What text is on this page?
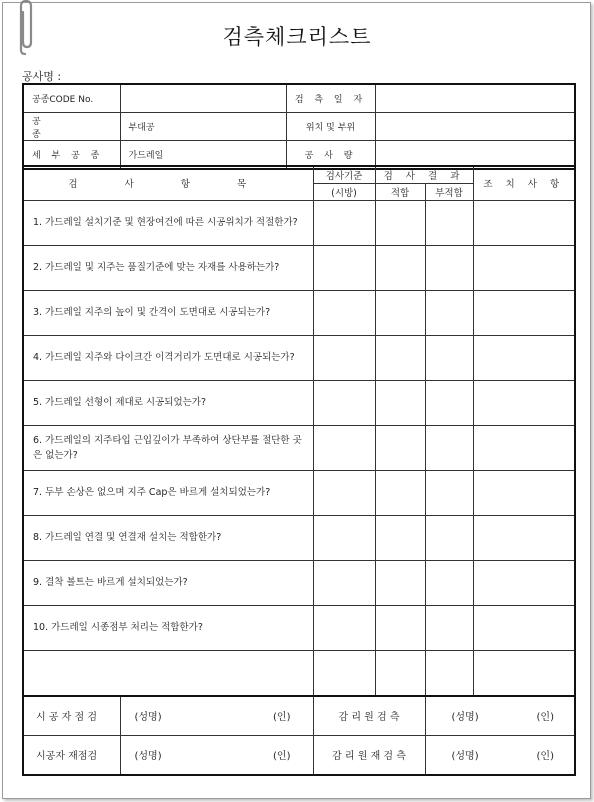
검측체크리스트
공사명 :
공종CODE No.		검 측 일 자	
공 종	부대공	위치 및 부위	
세 부 공 종	가드레일	공 사 량	
검 사 항 목		검사기준	검 사 결 과		조 치 사 항
		(시방)	적합	부적합	
1. 가드레일 설치기준 및 현장여건에 따른 시공위치가 적절한가?					
2. 가드레일 및 지주는 품질기준에 맞는 자재를 사용하는가?					
3. 가드레일 지주의 높이 및 간격이 도면대로 시공되는가?					
4. 가드레일 지주와 다이크간 이격거리가 도면대로 시공되는가?					
5. 가드레일 선형이 제대로 시공되었는가?					
6. 가드레일의 지주타입 근입깊이가 부족하여 상단부를 절단한 곳은 없는가?					
7. 두부 손상은 없으며 지주 Cap은 바르게 설치되었는가?					
8. 가드레일 연결 및 연결재 설치는 적합한가?					
9. 결착 볼트는 바르게 설치되었는가?					
10. 가드레일 시종점부 처리는 적합한가?					

시 공 자 점 검	(성명) (인)	감 리 원 검 측		(성명) (인)	

시공자 재점검	(성명) (인)	감 리 원 재 검 측		(성명) (인)	
